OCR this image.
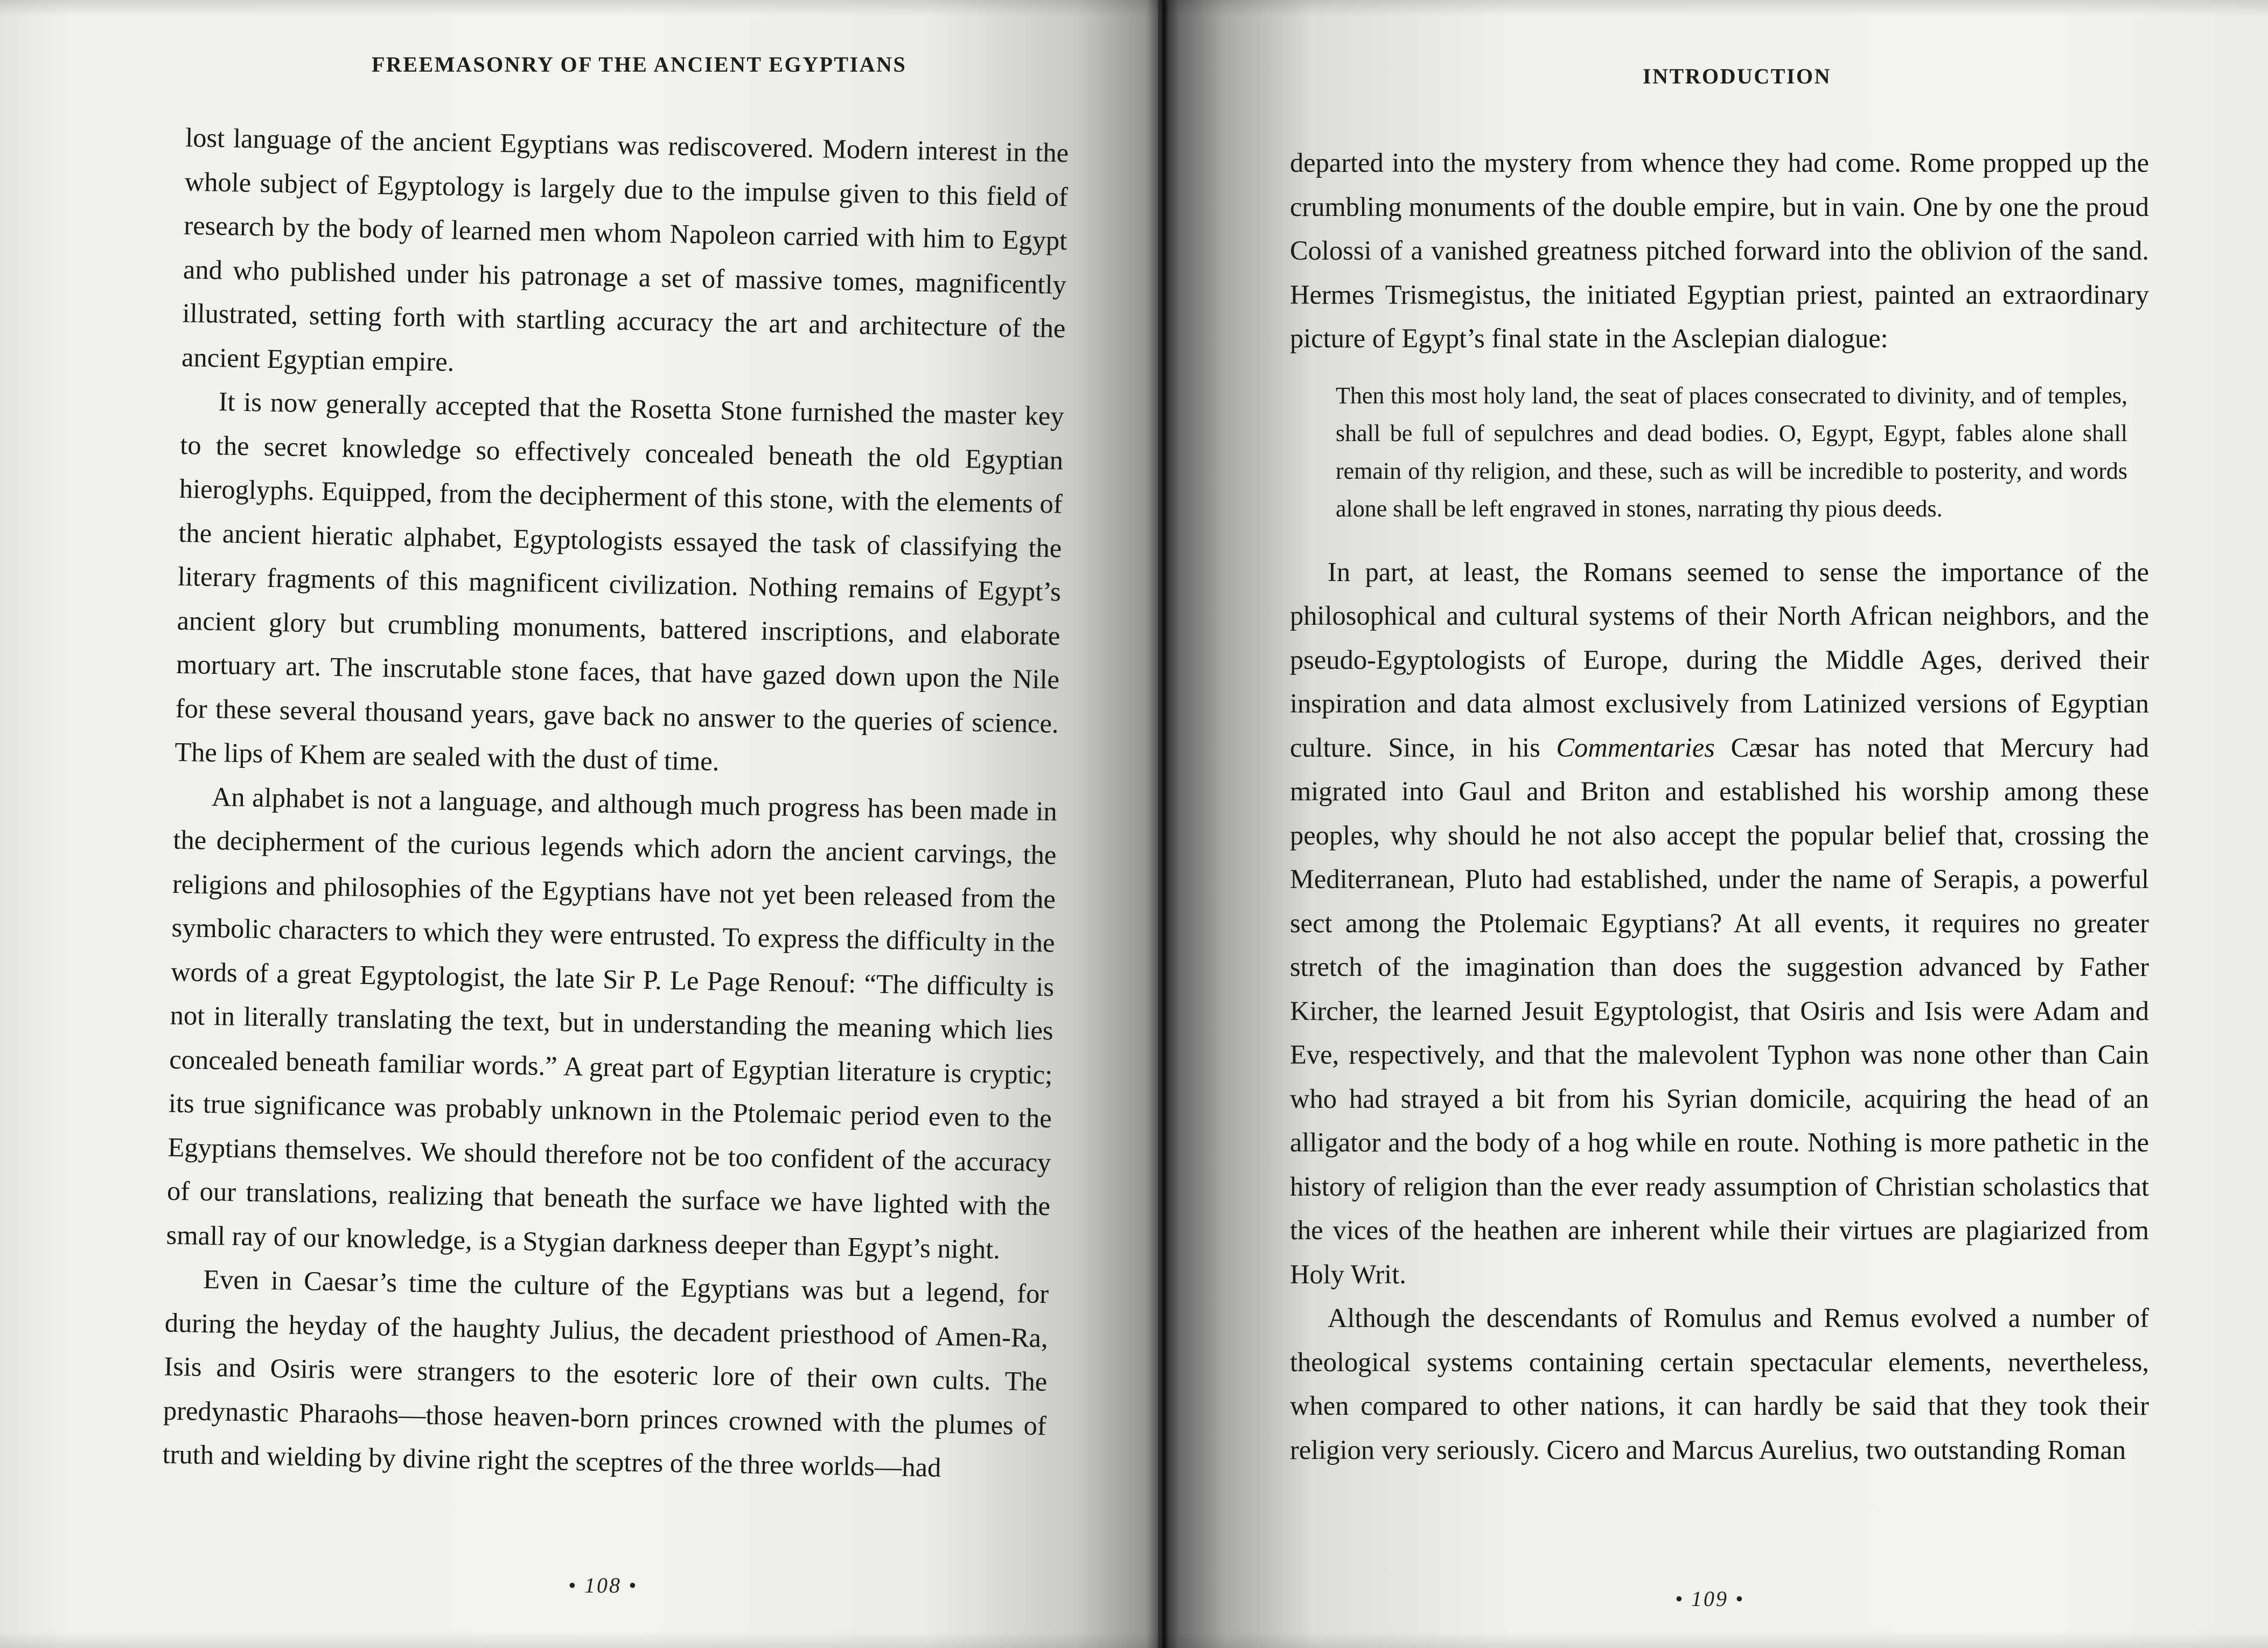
FREEMASONRY OF THE ANCIENT EGYPTIANS

lost language of the ancient Egyptians was rediscovered. Modern interest in the whole subject of Egyptology is largely due to the impulse given to this field of research by the body of learned men whom Napoleon carried with him to Egypt and who published under his patronage a set of massive tomes, magnificently illustrated, setting forth with startling accuracy the art and architecture of the ancient Egyptian empire.

It is now generally accepted that the Rosetta Stone furnished the master key to the secret knowledge so effectively concealed beneath the old Egyptian hieroglyphs. Equipped, from the decipherment of this stone, with the elements of the ancient hieratic alphabet, Egyptologists essayed the task of classifying the literary fragments of this magnificent civilization. Nothing remains of Egypt’s ancient glory but crumbling monuments, battered inscriptions, and elaborate mortuary art. The inscrutable stone faces, that have gazed down upon the Nile for these several thousand years, gave back no answer to the queries of science. The lips of Khem are sealed with the dust of time.

An alphabet is not a language, and although much progress has been made in the decipherment of the curious legends which adorn the ancient carvings, the religions and philosophies of the Egyptians have not yet been released from the symbolic characters to which they were entrusted. To express the difficulty in the words of a great Egyptologist, the late Sir P. Le Page Renouf: “The difficulty is not in literally translating the text, but in understanding the meaning which lies concealed beneath familiar words.” A great part of Egyptian literature is cryptic; its true significance was probably unknown in the Ptolemaic period even to the Egyptians themselves. We should therefore not be too confident of the accuracy of our translations, realizing that beneath the surface we have lighted with the small ray of our knowledge, is a Stygian darkness deeper than Egypt’s night.

Even in Caesar’s time the culture of the Egyptians was but a legend, for during the heyday of the haughty Julius, the decadent priesthood of Amen-Ra, Isis and Osiris were strangers to the esoteric lore of their own cults. The predynastic Pharaohs—those heaven-born princes crowned with the plumes of truth and wielding by divine right the sceptres of the three worlds—had

• 108 •
INTRODUCTION

departed into the mystery from whence they had come. Rome propped up the crumbling monuments of the double empire, but in vain. One by one the proud Colossi of a vanished greatness pitched forward into the oblivion of the sand. Hermes Trismegistus, the initiated Egyptian priest, painted an extraordinary picture of Egypt’s final state in the Asclepian dialogue:

Then this most holy land, the seat of places consecrated to divinity, and of temples, shall be full of sepulchres and dead bodies. O, Egypt, Egypt, fables alone shall remain of thy religion, and these, such as will be incredible to posterity, and words alone shall be left engraved in stones, narrating thy pious deeds.

In part, at least, the Romans seemed to sense the importance of the philosophical and cultural systems of their North African neighbors, and the pseudo-Egyptologists of Europe, during the Middle Ages, derived their inspiration and data almost exclusively from Latinized versions of Egyptian culture. Since, in his Commentaries Cæsar has noted that Mercury had migrated into Gaul and Briton and established his worship among these peoples, why should he not also accept the popular belief that, crossing the Mediterranean, Pluto had established, under the name of Serapis, a powerful sect among the Ptolemaic Egyptians? At all events, it requires no greater stretch of the imagination than does the suggestion advanced by Father Kircher, the learned Jesuit Egyptologist, that Osiris and Isis were Adam and Eve, respectively, and that the malevolent Typhon was none other than Cain who had strayed a bit from his Syrian domicile, acquiring the head of an alligator and the body of a hog while en route. Nothing is more pathetic in the history of religion than the ever ready assumption of Christian scholastics that the vices of the heathen are inherent while their virtues are plagiarized from Holy Writ.

Although the descendants of Romulus and Remus evolved a number of theological systems containing certain spectacular elements, nevertheless, when compared to other nations, it can hardly be said that they took their religion very seriously. Cicero and Marcus Aurelius, two outstanding Roman

• 109 •
